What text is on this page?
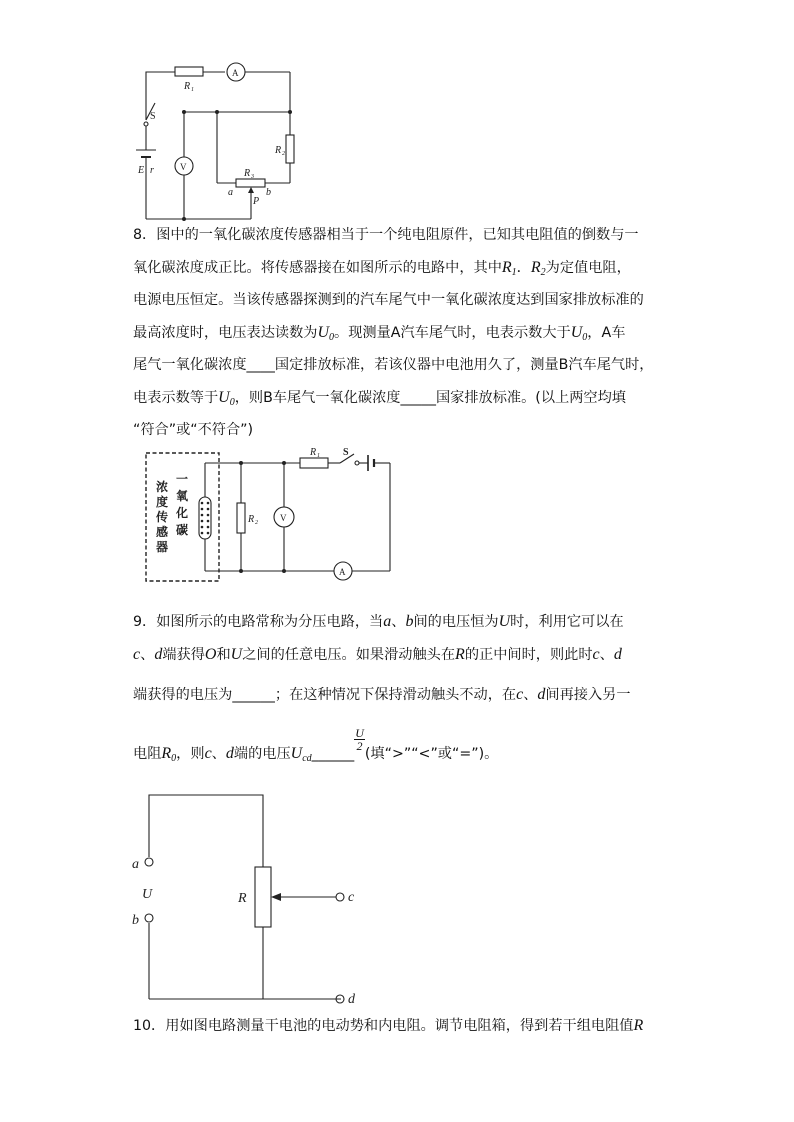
R 1
A
S
E r	V
R 2
R 3
a	b
P
8．图中的一氧化碳浓度传感器相当于一个纯电阻原件，已知其电阻值的倒数与一
氧化碳浓度成正比。将传感器接在如图所示的电路中，其中$R_1$．$R_2$为定值电阻，
电源电压恒定。当该传感器探测到的汽车尾气中一氧化碳浓度达到国家排放标准的
最高浓度时，电压表达读数为$U_0$。现测量A汽车尾气时，电表示数大于$U_0$，A车
尾气一氧化碳浓度____国定排放标准，若该仪器中电池用久了，测量B汽车尾气时，
电表示数等于$U_0$，则B车尾气一氧化碳浓度_____国家排放标准。(以上两空均填
“符合”或“不符合”)
浓
度
传
感
器
一
氧
化
碳
R 1 S
R 2 V
A
9．如图所示的电路常称为分压电路，当a、b间的电压恒为U时，利用它可以在
c、d端获得O和U之间的任意电压。如果滑动触头在R的正中间时，则此时c、d
端获得的电压为______；在这种情况下保持滑动触头不动，在c、d间再接入另一
电阻$R_0$，则c、d端的电压$U_{cd}\_\_\_\_\_\_$
$\frac{U}{2}$
(填“>”“<”或“=”)。
a
U
b
R	c
d
10．用如图电路测量干电池的电动势和内电阻。调节电阻箱，得到若干组电阻值R
